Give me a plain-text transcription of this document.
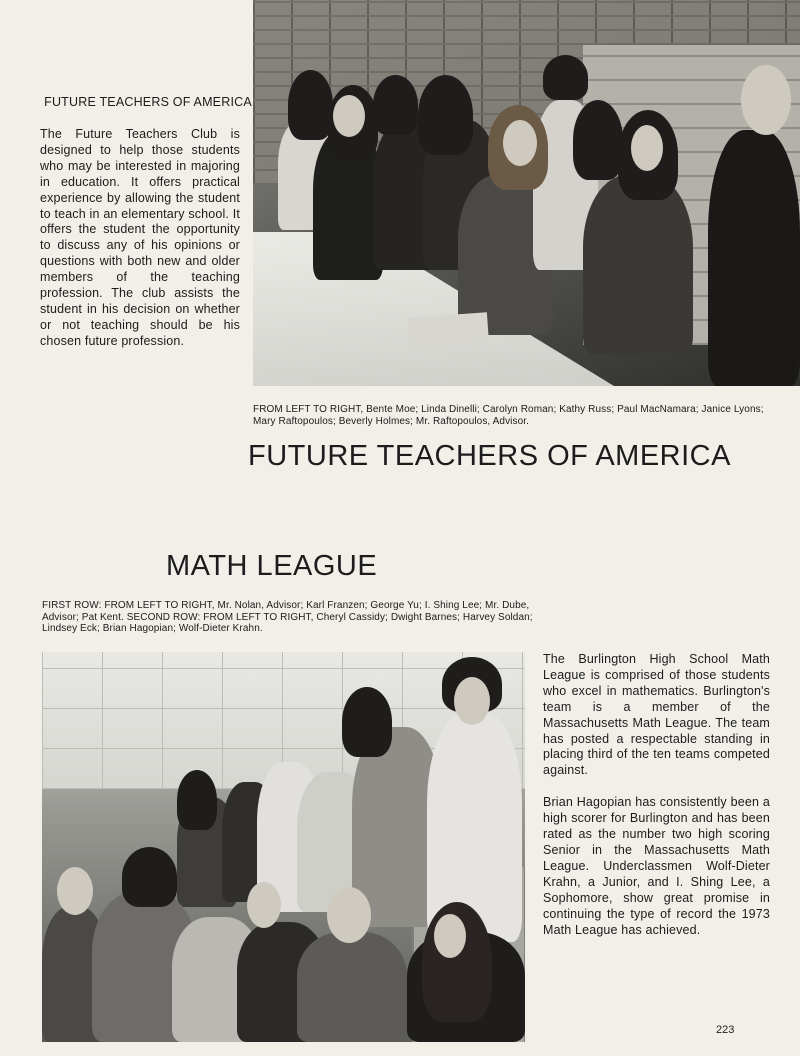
FUTURE TEACHERS OF AMERICA
The Future Teachers Club is designed to help those students who may be interested in majoring in education. It offers practical experience by allowing the student to teach in an elementary school. It offers the student the opportunity to discuss any of his opinions or questions with both new and older members of the teaching profession. The club assists the student in his decision on whether or not teaching should be his chosen future profession.
FROM LEFT TO RIGHT, Bente Moe; Linda Dinelli; Carolyn Roman; Kathy Russ; Paul MacNamara; Janice Lyons; Mary Raftopoulos; Beverly Holmes; Mr. Raftopoulos, Advisor.
FUTURE TEACHERS OF AMERICA
MATH LEAGUE
FIRST ROW: FROM LEFT TO RIGHT, Mr. Nolan, Advisor; Karl Franzen; George Yu; I. Shing Lee; Mr. Dube, Advisor; Pat Kent. SECOND ROW: FROM LEFT TO RIGHT, Cheryl Cassidy; Dwight Barnes; Harvey Soldan; Lindsey Eck; Brian Hagopian; Wolf-Dieter Krahn.

The Burlington High School Math League is comprised of those students who excel in mathematics. Burlington's team is a member of the Massachusetts Math League. The team has posted a respectable standing in placing third of the ten teams competed against.

Brian Hagopian has consistently been a high scorer for Burlington and has been rated as the number two high scoring Senior in the Massachusetts Math League. Underclassmen Wolf-Dieter Krahn, a Junior, and I. Shing Lee, a Sophomore, show great promise in continuing the type of record the 1973 Math League has achieved.

223
